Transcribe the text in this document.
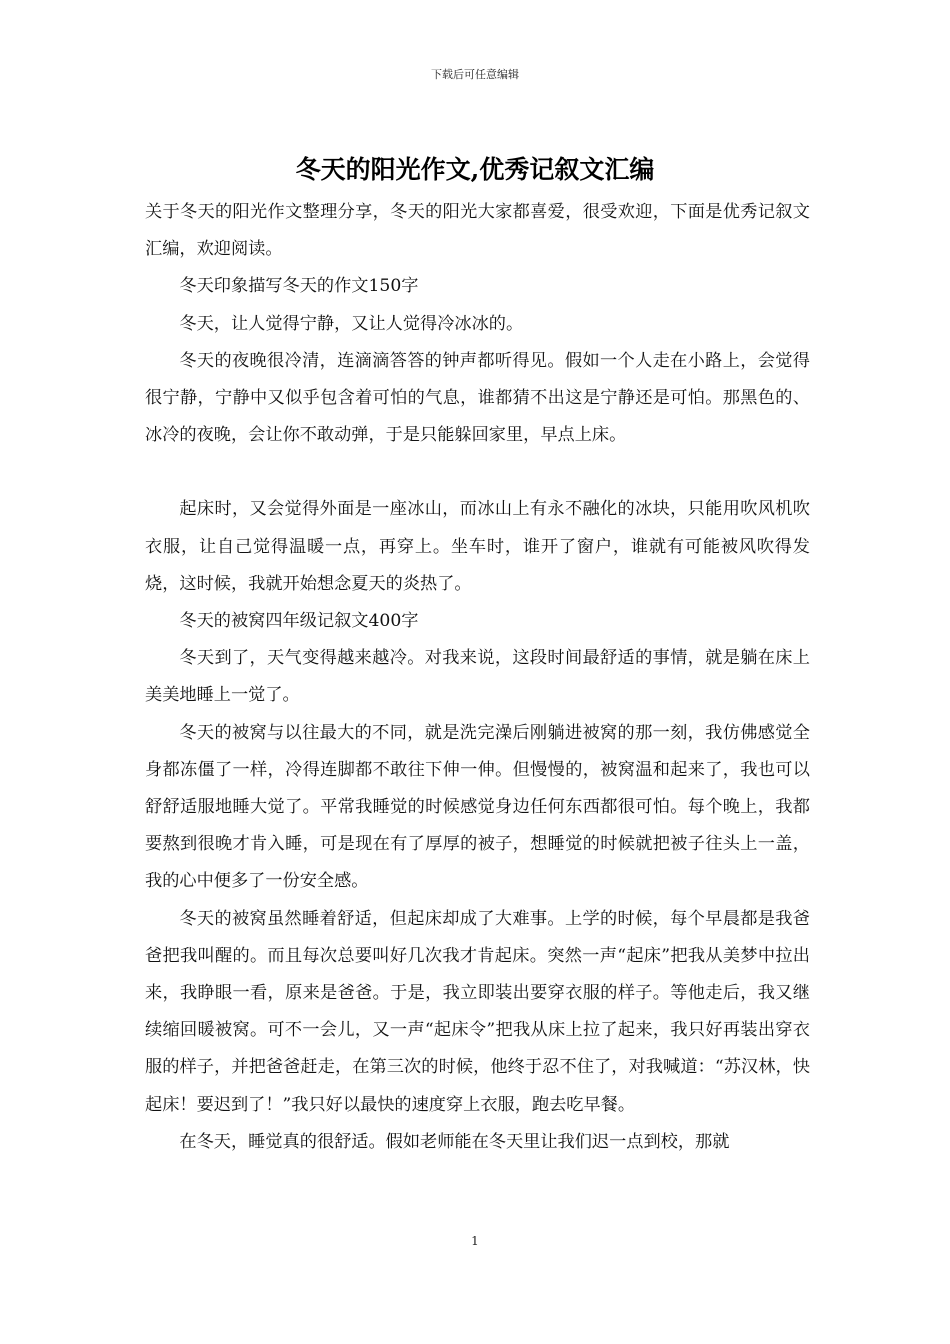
下载后可任意编辑
冬天的阳光作文,优秀记叙文汇编

关于冬天的阳光作文整理分享，冬天的阳光大家都喜爱，很受欢迎，下面是优秀记叙文汇编，欢迎阅读。

冬天印象描写冬天的作文150字

冬天，让人觉得宁静，又让人觉得冷冰冰的。

冬天的夜晚很冷清，连滴滴答答的钟声都听得见。假如一个人走在小路上，会觉得很宁静，宁静中又似乎包含着可怕的气息，谁都猜不出这是宁静还是可怕。那黑色的、冰冷的夜晚，会让你不敢动弹，于是只能躲回家里，早点上床。

起床时，又会觉得外面是一座冰山，而冰山上有永不融化的冰块，只能用吹风机吹衣服，让自己觉得温暖一点，再穿上。坐车时，谁开了窗户，谁就有可能被风吹得发烧，这时候，我就开始想念夏天的炎热了。

冬天的被窝四年级记叙文400字

冬天到了，天气变得越来越冷。对我来说，这段时间最舒适的事情，就是躺在床上美美地睡上一觉了。

冬天的被窝与以往最大的不同，就是洗完澡后刚躺进被窝的那一刻，我仿佛感觉全身都冻僵了一样，冷得连脚都不敢往下伸一伸。但慢慢的，被窝温和起来了，我也可以舒舒适服地睡大觉了。平常我睡觉的时候感觉身边任何东西都很可怕。每个晚上，我都要熬到很晚才肯入睡，可是现在有了厚厚的被子，想睡觉的时候就把被子往头上一盖，我的心中便多了一份安全感。

冬天的被窝虽然睡着舒适，但起床却成了大难事。上学的时候，每个早晨都是我爸爸把我叫醒的。而且每次总要叫好几次我才肯起床。突然一声“起床”把我从美梦中拉出来，我睁眼一看，原来是爸爸。于是，我立即装出要穿衣服的样子。等他走后，我又继续缩回暖被窝。可不一会儿，又一声“起床令”把我从床上拉了起来，我只好再装出穿衣服的样子，并把爸爸赶走，在第三次的时候，他终于忍不住了，对我喊道：“苏汉林，快起床！要迟到了！”我只好以最快的速度穿上衣服，跑去吃早餐。

在冬天，睡觉真的很舒适。假如老师能在冬天里让我们迟一点到校，那就

1
